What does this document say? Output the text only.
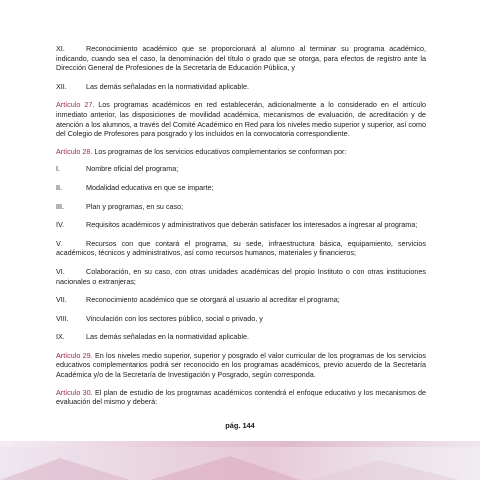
XI.	Reconocimiento académico que se proporcionará al alumno al terminar su programa académico, indicando, cuando sea el caso, la denominación del título o grado que se otorga, para efectos de registro ante la Dirección General de Profesiones de la Secretaría de Educación Pública, y

XII.	Las demás señaladas en la normatividad aplicable.

Artículo 27. Los programas académicos en red establecerán, adicionalmente a lo considerado en el artículo inmediato anterior, las disposiciones de movilidad académica, mecanismos de evaluación, de acreditación y de atención a los alumnos, a través del Comité Académico en Red para los niveles medio superior y superior, así como del Colegio de Profesores para posgrado y los incluidos en la convocatoria correspondiente.

Artículo 28. Los programas de los servicios educativos complementarios se conforman por:

I.	Nombre oficial del programa;

II.	Modalidad educativa en que se imparte;

III.	Plan y programas, en su caso;

IV.	Requisitos académicos y administrativos que deberán satisfacer los interesados a ingresar al programa;

V.	Recursos con que contará el programa, su sede, infraestructura básica, equipamiento, servicios académicos, técnicos y administrativos, así como recursos humanos, materiales y financieros;

VI.	Colaboración, en su caso, con otras unidades académicas del propio Instituto o con otras instituciones nacionales o extranjeras;

VII.	Reconocimiento académico que se otorgará al usuario al acreditar el programa;

VIII. Vinculación con los sectores público, social o privado, y

IX.	Las demás señaladas en la normatividad aplicable.

Artículo 29. En los niveles medio superior, superior y posgrado el valor curricular de los programas de los servicios educativos complementarios podrá ser reconocido en los programas académicos, previo acuerdo de la Secretaría Académica y/o de la Secretaría de Investigación y Posgrado, según corresponda.

Artículo 30. El plan de estudio de los programas académicos contendrá el enfoque educativo y los mecanismos de evaluación del mismo y deberá:

pág. 144
